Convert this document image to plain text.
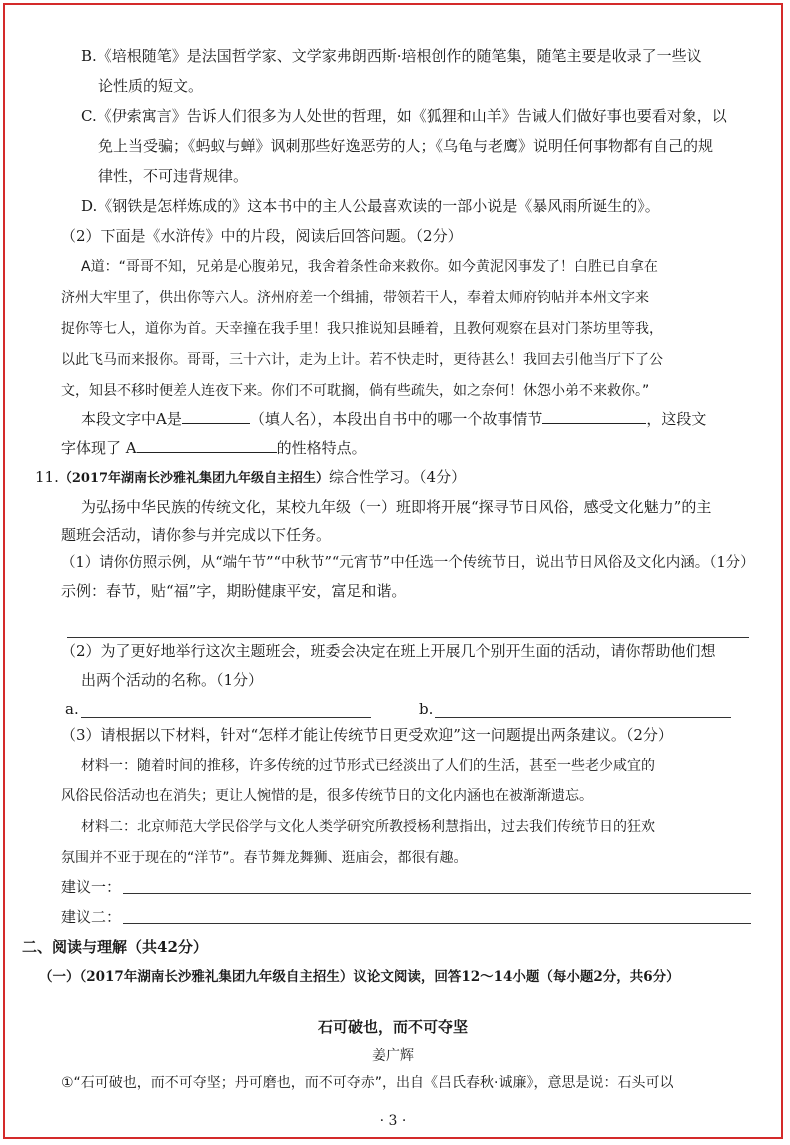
B.《培根随笔》是法国哲学家、文学家弗朗西斯·培根创作的随笔集，随笔主要是收录了一些议
论性质的短文。
C.《伊索寓言》告诉人们很多为人处世的哲理，如《狐狸和山羊》告诫人们做好事也要看对象，以
免上当受骗；《蚂蚁与蝉》讽刺那些好逸恶劳的人；《乌龟与老鹰》说明任何事物都有自己的规
律性，不可违背规律。
D.《钢铁是怎样炼成的》这本书中的主人公最喜欢读的一部小说是《暴风雨所诞生的》。
（2）下面是《水浒传》中的片段，阅读后回答问题。（2分）
A道：“哥哥不知，兄弟是心腹弟兄，我舍着条性命来救你。如今黄泥冈事发了！白胜已自拿在
济州大牢里了，供出你等六人。济州府差一个缉捕，带领若干人，奉着太师府钧帖并本州文字来
捉你等七人，道你为首。天幸撞在我手里！我只推说知县睡着，且教何观察在县对门茶坊里等我，
以此飞马而来报你。哥哥，三十六计，走为上计。若不快走时，更待甚么！我回去引他当厅下了公
文，知县不移时便差人连夜下来。你们不可耽搁，倘有些疏失，如之奈何！休怨小弟不来救你。”
本段文字中A是	（填人名），本段出自书中的哪一个故事情节	，这段文
字体现了 A	的性格特点。
11.（2017年湖南长沙雅礼集团九年级自主招生）综合性学习。（4分）
为弘扬中华民族的传统文化，某校九年级（一）班即将开展“探寻节日风俗，感受文化魅力”的主
题班会活动，请你参与并完成以下任务。
（1）请你仿照示例，从“端午节”“中秋节”“元宵节”中任选一个传统节日，说出节日风俗及文化内涵。（1分）
示例：春节，贴“福”字，期盼健康平安，富足和谐。
（2）为了更好地举行这次主题班会，班委会决定在班上开展几个别开生面的活动，请你帮助他们想
出两个活动的名称。（1分）
a.	b.
（3）请根据以下材料，针对“怎样才能让传统节日更受欢迎”这一问题提出两条建议。（2分）
材料一：随着时间的推移，许多传统的过节形式已经淡出了人们的生活，甚至一些老少咸宜的
风俗民俗活动也在消失；更让人惋惜的是，很多传统节日的文化内涵也在被渐渐遗忘。
材料二：北京师范大学民俗学与文化人类学研究所教授杨利慧指出，过去我们传统节日的狂欢
氛围并不亚于现在的“洋节”。春节舞龙舞狮、逛庙会，都很有趣。
建议一：
建议二：
二、阅读与理解（共42分）
（一）（2017年湖南长沙雅礼集团九年级自主招生）议论文阅读，回答12～14小题（每小题2分，共6分）
石可破也，而不可夺坚
姜广辉
①“石可破也，而不可夺坚；丹可磨也，而不可夺赤”，出自《吕氏春秋·诚廉》，意思是说：石头可以
· 3 ·
